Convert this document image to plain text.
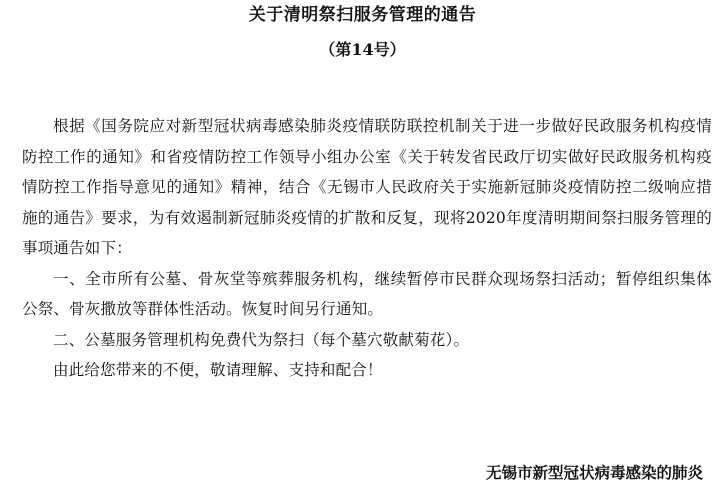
关于清明祭扫服务管理的通告
（第14号）

根据《国务院应对新型冠状病毒感染肺炎疫情联防联控机制关于进一步做好民政服务机构疫情防控工作的通知》和省疫情防控工作领导小组办公室《关于转发省民政厅切实做好民政服务机构疫情防控工作指导意见的通知》精神，结合《无锡市人民政府关于实施新冠肺炎疫情防控二级响应措施的通告》要求，为有效遏制新冠肺炎疫情的扩散和反复，现将2020年度清明期间祭扫服务管理的事项通告如下：

一、全市所有公墓、骨灰堂等殡葬服务机构，继续暂停市民群众现场祭扫活动；暂停组织集体公祭、骨灰撒放等群体性活动。恢复时间另行通知。

二、公墓服务管理机构免费代为祭扫（每个墓穴敬献菊花）。

由此给您带来的不便，敬请理解、支持和配合！

无锡市新型冠状病毒感染的肺炎
